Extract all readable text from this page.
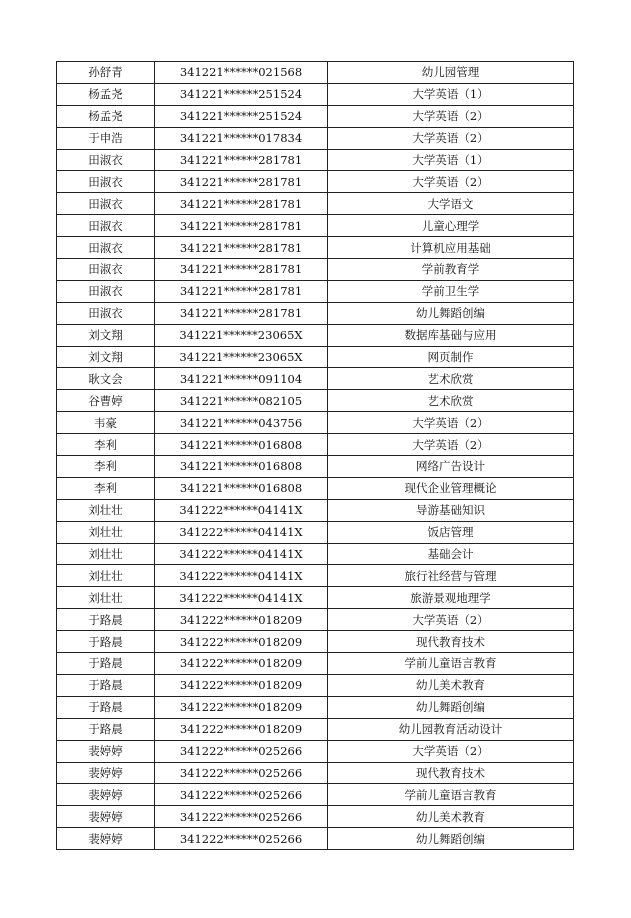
孙舒青	341221******021568	幼儿园管理
杨孟尧	341221******251524	大学英语（1）
杨孟尧	341221******251524	大学英语（2）
于申浩	341221******017834	大学英语（2）
田淑衣	341221******281781	大学英语（1）
田淑衣	341221******281781	大学英语（2）
田淑衣	341221******281781	大学语文
田淑衣	341221******281781	儿童心理学
田淑衣	341221******281781	计算机应用基础
田淑衣	341221******281781	学前教育学
田淑衣	341221******281781	学前卫生学
田淑衣	341221******281781	幼儿舞蹈创编
刘文翔	341221******23065X	数据库基础与应用
刘文翔	341221******23065X	网页制作
耿文会	341221******091104	艺术欣赏
谷曹婷	341221******082105	艺术欣赏
韦豪	341221******043756	大学英语（2）
李利	341221******016808	大学英语（2）
李利	341221******016808	网络广告设计
李利	341221******016808	现代企业管理概论
刘壮壮	341222******04141X	导游基础知识
刘壮壮	341222******04141X	饭店管理
刘壮壮	341222******04141X	基础会计
刘壮壮	341222******04141X	旅行社经营与管理
刘壮壮	341222******04141X	旅游景观地理学
于路晨	341222******018209	大学英语（2）
于路晨	341222******018209	现代教育技术
于路晨	341222******018209	学前儿童语言教育
于路晨	341222******018209	幼儿美术教育
于路晨	341222******018209	幼儿舞蹈创编
于路晨	341222******018209	幼儿园教育活动设计
裴婷婷	341222******025266	大学英语（2）
裴婷婷	341222******025266	现代教育技术
裴婷婷	341222******025266	学前儿童语言教育
裴婷婷	341222******025266	幼儿美术教育
裴婷婷	341222******025266	幼儿舞蹈创编
